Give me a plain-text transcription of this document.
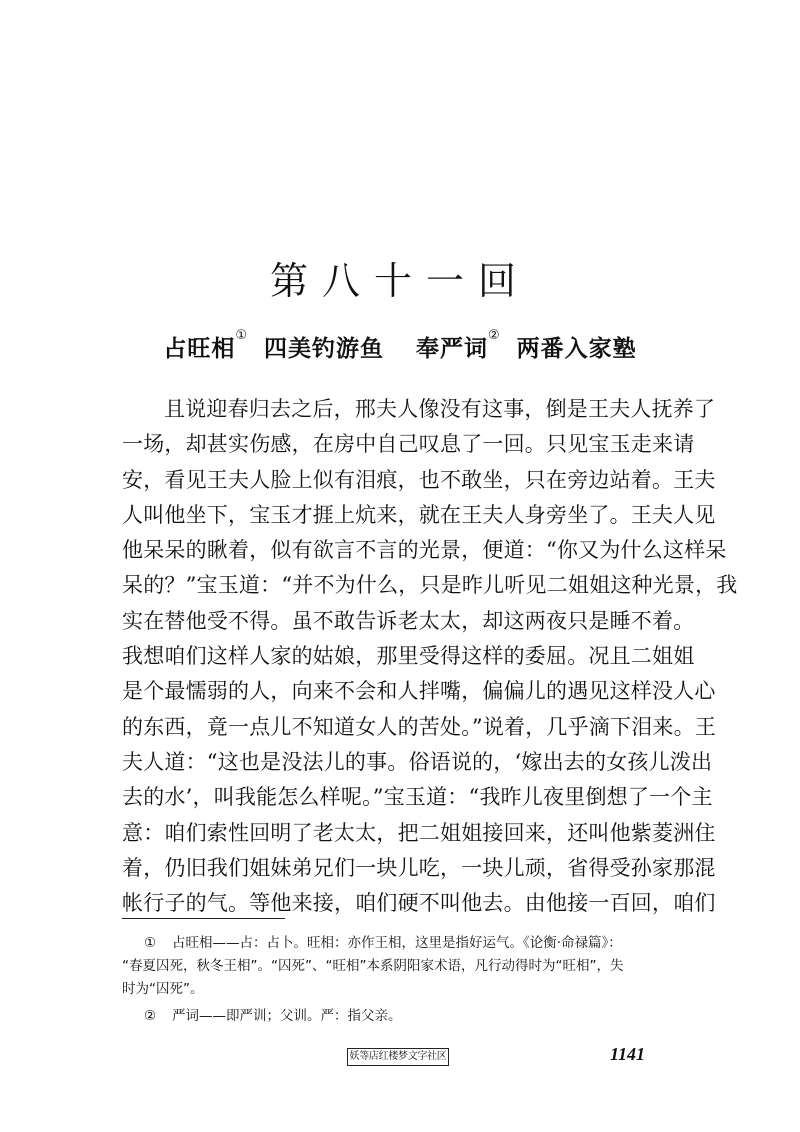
第八十一回
占旺相①四美钓游鱼 奉严词②两番入家塾
且说迎春归去之后，邢夫人像没有这事，倒是王夫人抚养了
一场，却甚实伤感，在房中自己叹息了一回。只见宝玉走来请
安，看见王夫人脸上似有泪痕，也不敢坐，只在旁边站着。王夫
人叫他坐下，宝玉才捱上炕来，就在王夫人身旁坐了。王夫人见
他呆呆的瞅着，似有欲言不言的光景，便道：“你又为什么这样呆
呆的？”宝玉道：“并不为什么，只是昨儿听见二姐姐这种光景，我
实在替他受不得。虽不敢告诉老太太，却这两夜只是睡不着。
我想咱们这样人家的姑娘，那里受得这样的委屈。况且二姐姐
是个最懦弱的人，向来不会和人拌嘴，偏偏儿的遇见这样没人心
的东西，竟一点儿不知道女人的苦处。”说着，几乎滴下泪来。王
夫人道：“这也是没法儿的事。俗语说的，‘嫁出去的女孩儿泼出
去的水’，叫我能怎么样呢。”宝玉道：“我昨儿夜里倒想了一个主
意：咱们索性回明了老太太，把二姐姐接回来，还叫他紫菱洲住
着，仍旧我们姐妹弟兄们一块儿吃，一块儿顽，省得受孙家那混
帐行子的气。等他来接，咱们硬不叫他去。由他接一百回，咱们
① 占旺相——占：占卜。旺相：亦作王相，这里是指好运气。《论衡·命禄篇》：
“春夏囚死，秋冬王相”。“囚死”、“旺相”本系阴阳家术语，凡行动得时为“旺相”，失
时为“囚死”。
② 严词——即严训；父训。严：指父亲。
妖等店红楼梦文字社区	1141
